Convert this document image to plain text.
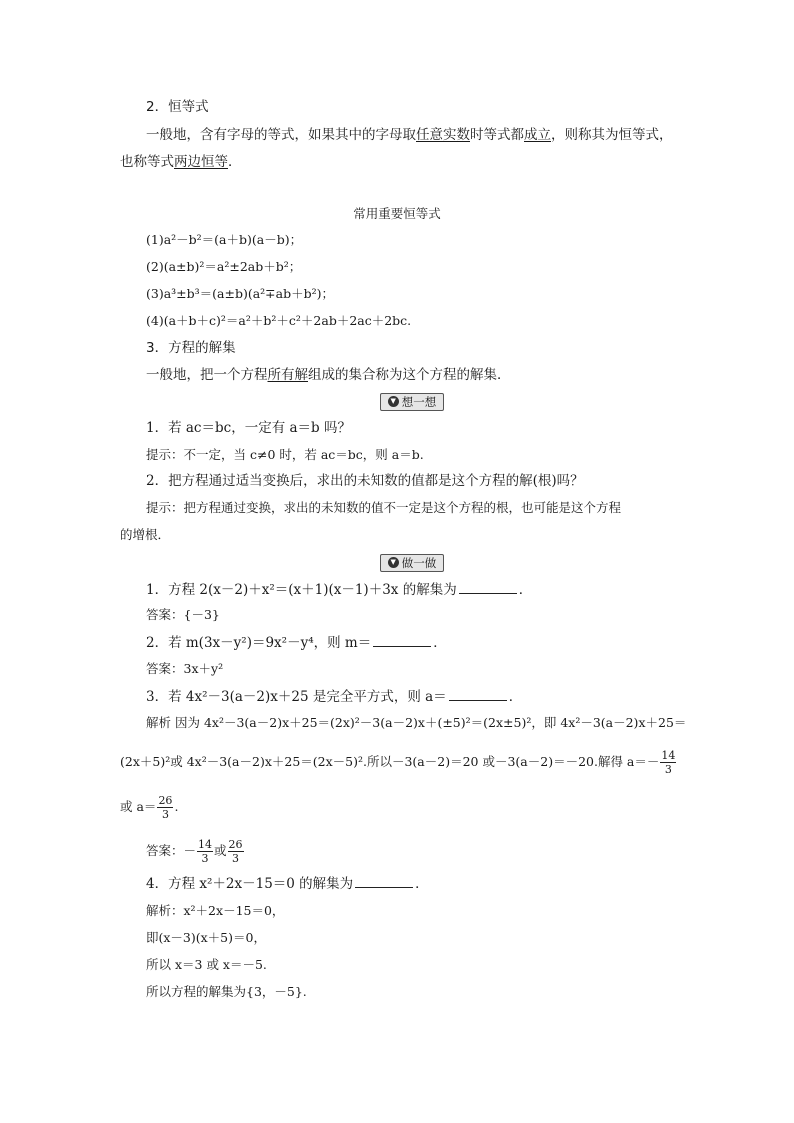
2．恒等式
一般地，含有字母的等式，如果其中的字母取任意实数时等式都成立，则称其为恒等式，
也称等式两边恒等．
常用重要恒等式
(1)a²－b²＝(a＋b)(a－b)；
(2)(a±b)²＝a²±2ab＋b²；
(3)a³±b³＝(a±b)(a²∓ab＋b²)；
(4)(a＋b＋c)²＝a²＋b²＋c²＋2ab＋2ac＋2bc.
3．方程的解集
一般地，把一个方程所有解组成的集合称为这个方程的解集．
▼ 想一想
1．若 ac＝bc，一定有 a＝b 吗？
提示：不一定，当 c≠0 时，若 ac＝bc，则 a＝b.
2．把方程通过适当变换后，求出的未知数的值都是这个方程的解(根)吗？
提示：把方程通过变换，求出的未知数的值不一定是这个方程的根，也可能是这个方程
的增根．
▼ 做一做
1．方程 2(x－2)＋x²＝(x＋1)(x－1)＋3x 的解集为	．
答案：{－3}
2．若 m(3x－y²)＝9x²－y⁴，则 m＝	．
答案：3x＋y²
3．若 4x²－3(a－2)x＋25 是完全平方式，则 a＝	．
解析 因为 4x²－3(a－2)x＋25＝(2x)²－3(a－2)x＋(±5)²＝(2x±5)²，即 4x²－3(a－2)x＋25＝
(2x＋5)²或 4x²－3(a－2)x＋25＝(2x－5)².所以－3(a－2)＝20 或－3(a－2)＝－20.解得 $a=- \frac{14}{3}$
或 $a= \frac{26}{3}$ .
答案：－ $\frac{14}{3}$ 或 $\frac{26}{3}$
4．方程 x²＋2x－15＝0 的解集为	．
解析：x²＋2x－15＝0，
即(x－3)(x＋5)＝0，
所以 x＝3 或 x＝－5.
所以方程的解集为{3，－5}.
